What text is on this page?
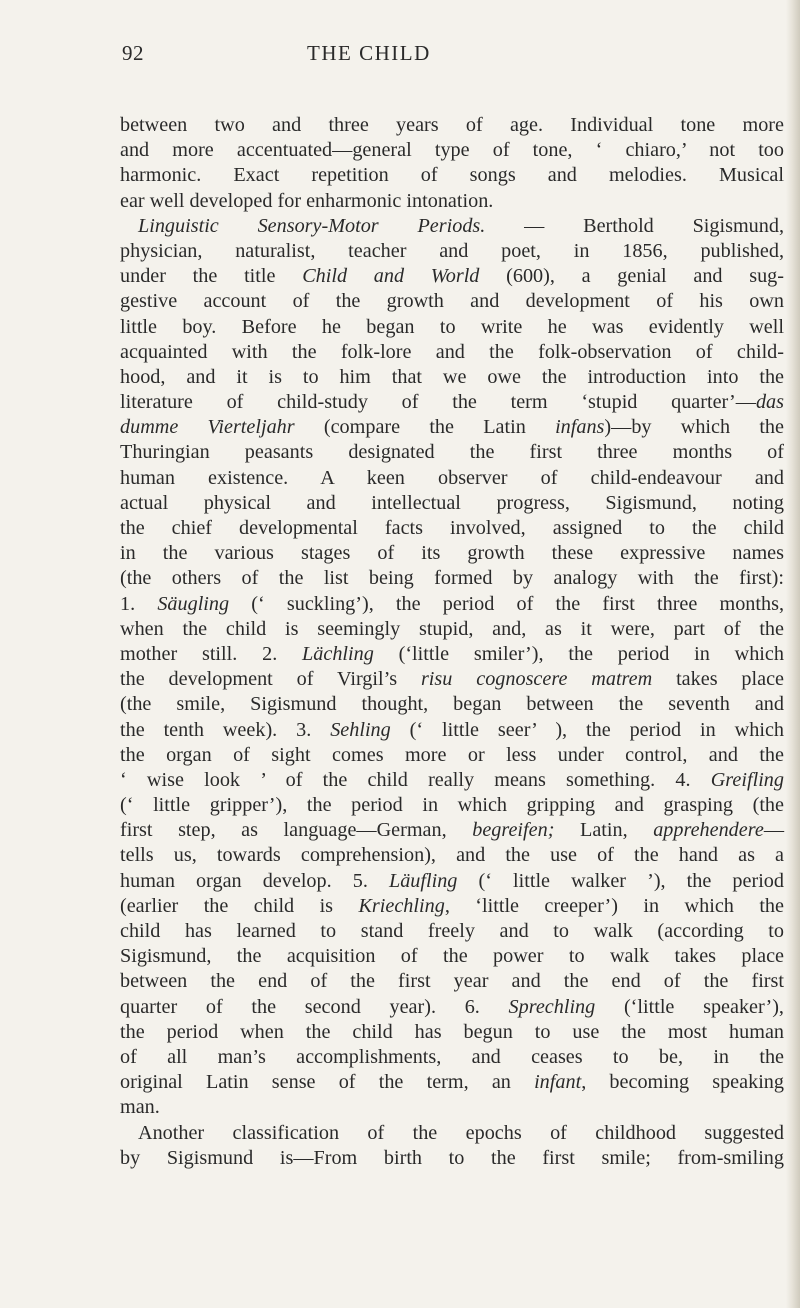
92	THE CHILD
between two and three years of age. Individual tone more
and more accentuated—general type of tone, ‘ chiaro,’ not too
harmonic. Exact repetition of songs and melodies. Musical
ear well developed for enharmonic intonation.
Linguistic Sensory-Motor Periods. — Berthold Sigismund,
physician, naturalist, teacher and poet, in 1856, published,
under the title Child and World (600), a genial and sug-
gestive account of the growth and development of his own
little boy. Before he began to write he was evidently well
acquainted with the folk-lore and the folk-observation of child-
hood, and it is to him that we owe the introduction into the
literature of child-study of the term ‘stupid quarter’—das
dumme Vierteljahr (compare the Latin infans)—by which the
Thuringian peasants designated the first three months of
human existence. A keen observer of child-endeavour and
actual physical and intellectual progress, Sigismund, noting
the chief developmental facts involved, assigned to the child
in the various stages of its growth these expressive names
(the others of the list being formed by analogy with the first):
1. Säugling (‘ suckling’), the period of the first three months,
when the child is seemingly stupid, and, as it were, part of the
mother still. 2. Lächling (‘little smiler’), the period in which
the development of Virgil’s risu cognoscere matrem takes place
(the smile, Sigismund thought, began between the seventh and
the tenth week). 3. Sehling (‘ little seer’ ), the period in which
the organ of sight comes more or less under control, and the
‘ wise look ’ of the child really means something. 4. Greifling
(‘ little gripper’), the period in which gripping and grasping (the
first step, as language—German, begreifen; Latin, apprehendere—
tells us, towards comprehension), and the use of the hand as a
human organ develop. 5. Läufling (‘ little walker ’), the period
(earlier the child is Kriechling, ‘little creeper’) in which the
child has learned to stand freely and to walk (according to
Sigismund, the acquisition of the power to walk takes place
between the end of the first year and the end of the first
quarter of the second year). 6. Sprechling (‘little speaker’),
the period when the child has begun to use the most human
of all man’s accomplishments, and ceases to be, in the
original Latin sense of the term, an infant, becoming speaking
man.
Another classification of the epochs of childhood suggested
by Sigismund is—From birth to the first smile; from-smiling
